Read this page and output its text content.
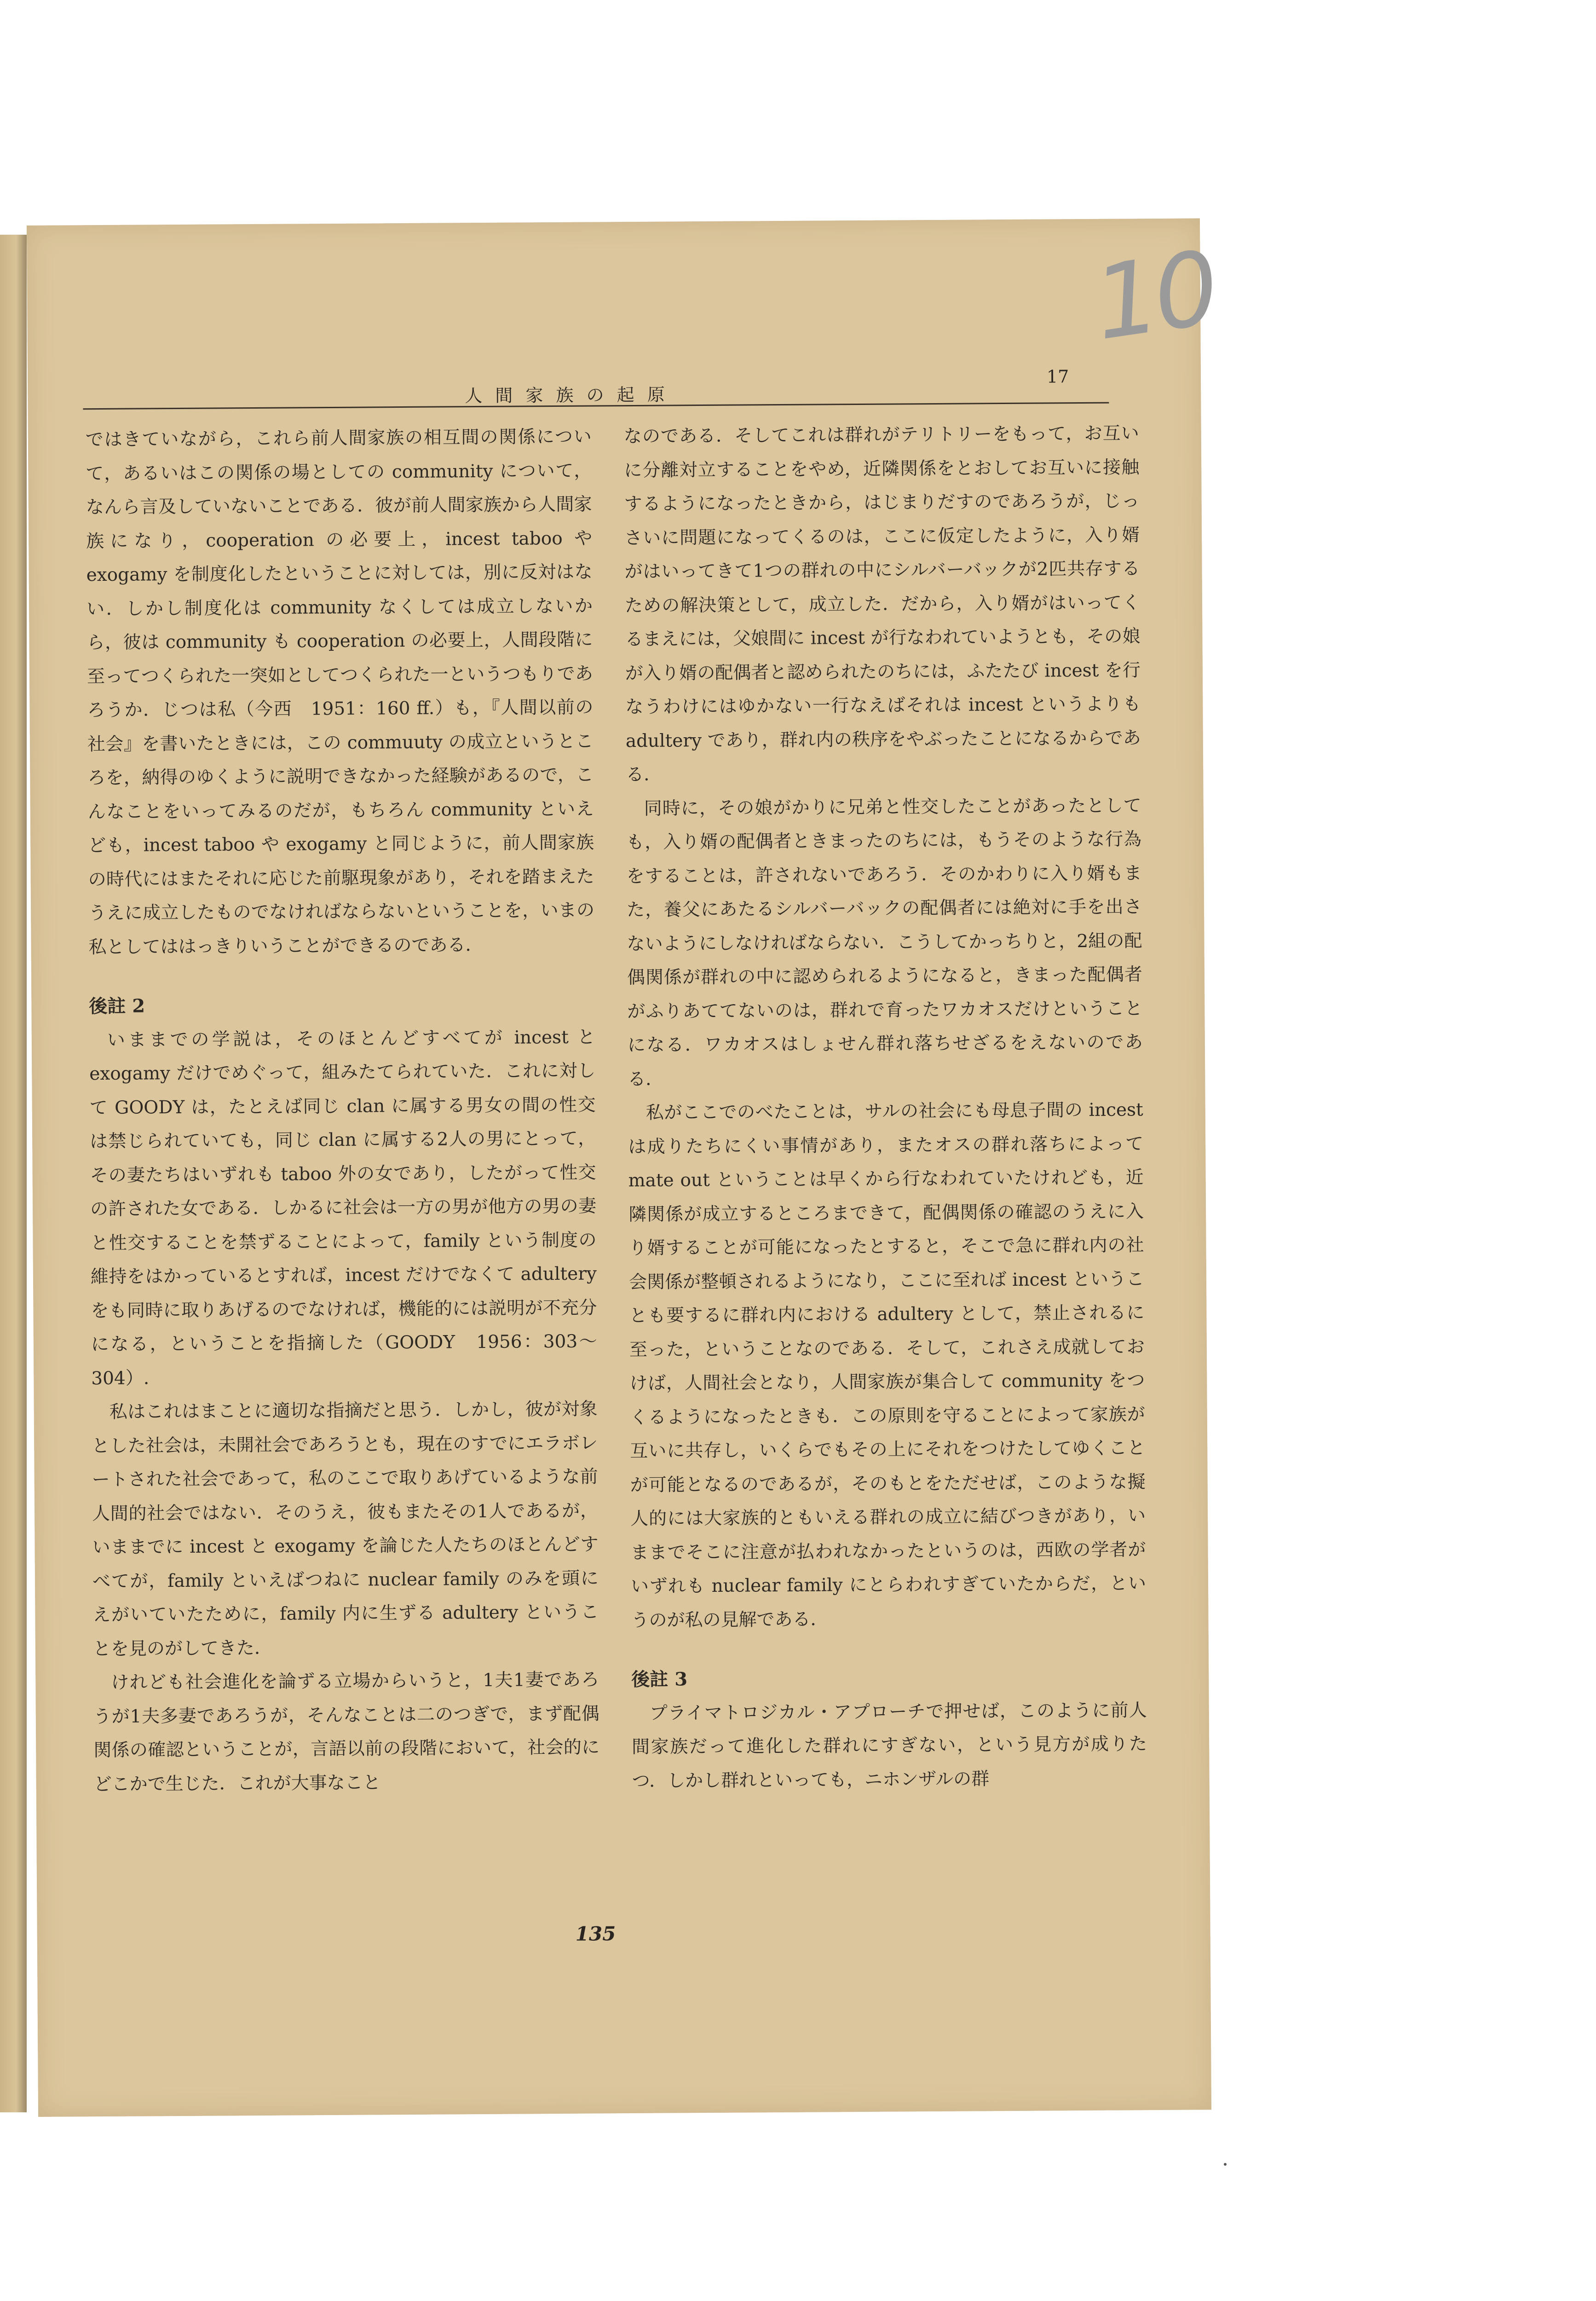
10
人 間 家 族 の 起 原
17

ではきていながら，これら前人間家族の相互間の関係について，あるいはこの関係の場としての community について，なんら言及していないことである．彼が前人間家族から人間家族になり，cooperation の必要上，incest taboo や exogamy を制度化したということに対しては，別に反対はない．しかし制度化は community なくしては成立しないから，彼は community も cooperation の必要上，人間段階に至ってつくられた一突如としてつくられた一というつもりであろうか．じつは私（今西　1951：160 ff.）も，『人間以前の社会』を書いたときには，この commuuty の成立というところを，納得のゆくように説明できなかった経験があるので，こんなことをいってみるのだが，もちろん community といえども，incest taboo や exogamy と同じように，前人間家族の時代にはまたそれに応じた前駆現象があり，それを踏まえたうえに成立したものでなければならないということを，いまの私としてははっきりいうことができるのである．

後註 2

いままでの学説は，そのほとんどすべてが incest と exogamy だけでめぐって，組みたてられていた．これに対して GOODY は，たとえば同じ clan に属する男女の間の性交は禁じられていても，同じ clan に属する2人の男にとって，その妻たちはいずれも taboo 外の女であり，したがって性交の許された女である．しかるに社会は一方の男が他方の男の妻と性交することを禁ずることによって，family という制度の維持をはかっているとすれば，incest だけでなくて adultery をも同時に取りあげるのでなければ，機能的には説明が不充分になる，ということを指摘した（GOODY　1956：303～304）.

私はこれはまことに適切な指摘だと思う．しかし，彼が対象とした社会は，未開社会であろうとも，現在のすでにエラボレートされた社会であって，私のここで取りあげているような前人間的社会ではない．そのうえ，彼もまたその1人であるが，いままでに incest と exogamy を論じた人たちのほとんどすべてが，family といえばつねに nuclear family のみを頭にえがいていたために，family 内に生ずる adultery ということを見のがしてきた．

けれども社会進化を論ずる立場からいうと，1夫1妻であろうが1夫多妻であろうが，そんなことは二のつぎで，まず配偶関係の確認ということが，言語以前の段階において，社会的にどこかで生じた．これが大事なこと

なのである．そしてこれは群れがテリトリーをもって，お互いに分離対立することをやめ，近隣関係をとおしてお互いに接触するようになったときから，はじまりだすのであろうが，じっさいに問題になってくるのは，ここに仮定したように，入り婿がはいってきて1つの群れの中にシルバーバックが2匹共存するための解決策として，成立した．だから，入り婿がはいってくるまえには，父娘間に incest が行なわれていようとも，その娘が入り婿の配偶者と認められたのちには，ふたたび incest を行なうわけにはゆかない一行なえばそれは incest というよりも adultery であり，群れ内の秩序をやぶったことになるからである．

同時に，その娘がかりに兄弟と性交したことがあったとしても，入り婿の配偶者ときまったのちには，もうそのような行為をすることは，許されないであろう．そのかわりに入り婿もまた，養父にあたるシルバーバックの配偶者には絶対に手を出さないようにしなければならない．こうしてかっちりと，2組の配偶関係が群れの中に認められるようになると，きまった配偶者がふりあててないのは，群れで育ったワカオスだけということになる．ワカオスはしょせん群れ落ちせざるをえないのである．

私がここでのべたことは，サルの社会にも母息子間の incest は成りたちにくい事情があり，またオスの群れ落ちによって mate out ということは早くから行なわれていたけれども，近隣関係が成立するところまできて，配偶関係の確認のうえに入り婿することが可能になったとすると，そこで急に群れ内の社会関係が整頓されるようになり，ここに至れば incest ということも要するに群れ内における adultery として，禁止されるに至った，ということなのである．そして，これさえ成就しておけば，人間社会となり，人間家族が集合して community をつくるようになったときも．この原則を守ることによって家族が互いに共存し，いくらでもその上にそれをつけたしてゆくことが可能となるのであるが，そのもとをただせば，このような擬人的には大家族的ともいえる群れの成立に結びつきがあり，いままでそこに注意が払われなかったというのは，西欧の学者がいずれも nuclear family にとらわれすぎていたからだ，というのが私の見解である．

後註 3

プライマトロジカル・アプローチで押せば，このように前人間家族だって進化した群れにすぎない，という見方が成りたつ．しかし群れといっても，ニホンザルの群

135
